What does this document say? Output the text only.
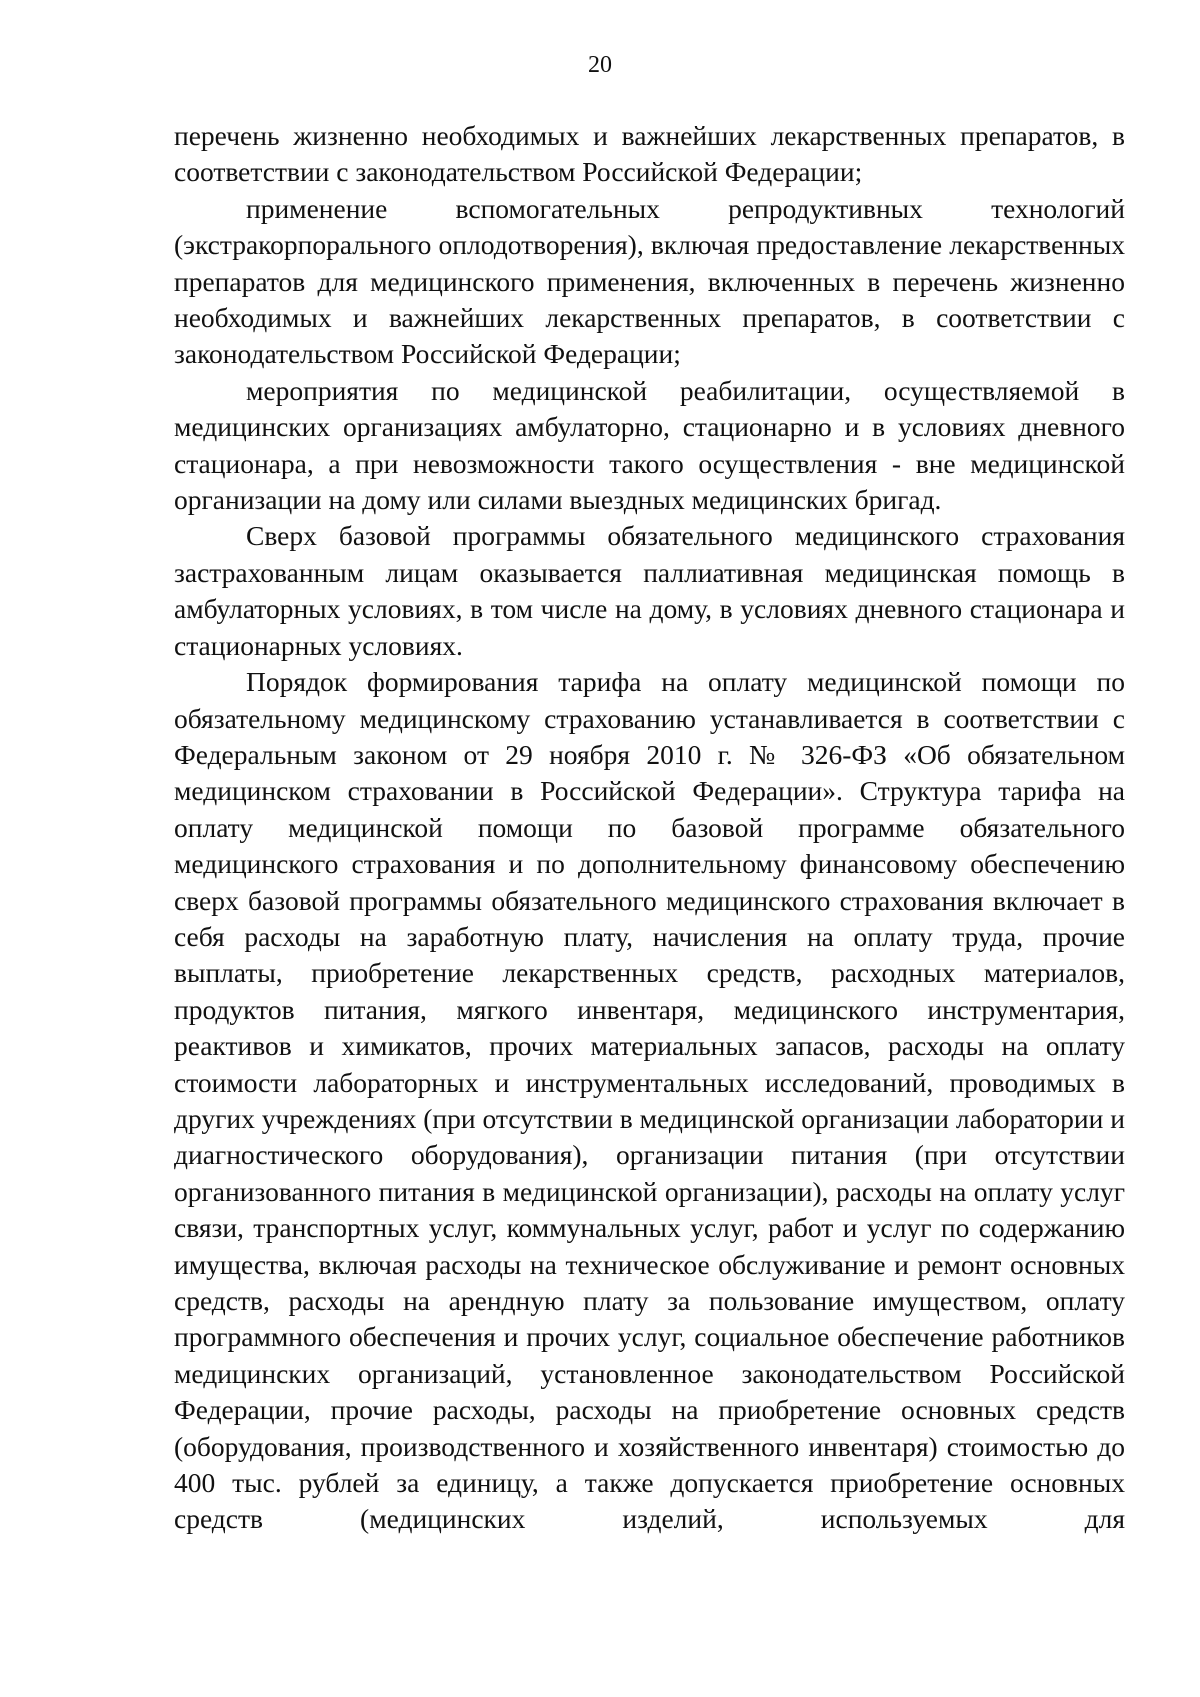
20

перечень жизненно необходимых и важнейших лекарственных препаратов, в соответствии с законодательством Российской Федерации;

применение вспомогательных репродуктивных технологий (экстракорпорального оплодотворения), включая предоставление лекарственных препаратов для медицинского применения, включенных в перечень жизненно необходимых и важнейших лекарственных препаратов, в соответствии с законодательством Российской Федерации;

мероприятия по медицинской реабилитации, осуществляемой в медицинских организациях амбулаторно, стационарно и в условиях дневного стационара, а при невозможности такого осуществления - вне медицинской организации на дому или силами выездных медицинских бригад.

Сверх базовой программы обязательного медицинского страхования застрахованным лицам оказывается паллиативная медицинская помощь в амбулаторных условиях, в том числе на дому, в условиях дневного стационара и стационарных условиях.

Порядок формирования тарифа на оплату медицинской помощи по обязательному медицинскому страхованию устанавливается в соответствии с Федеральным законом от 29 ноября 2010 г. № 326-ФЗ «Об обязательном медицинском страховании в Российской Федерации». Структура тарифа на оплату медицинской помощи по базовой программе обязательного медицинского страхования и по дополнительному финансовому обеспечению сверх базовой программы обязательного медицинского страхования включает в себя расходы на заработную плату, начисления на оплату труда, прочие выплаты, приобретение лекарственных средств, расходных материалов, продуктов питания, мягкого инвентаря, медицинского инструментария, реактивов и химикатов, прочих материальных запасов, расходы на оплату стоимости лабораторных и инструментальных исследований, проводимых в других учреждениях (при отсутствии в медицинской организации лаборатории и диагностического оборудования), организации питания (при отсутствии организованного питания в медицинской организации), расходы на оплату услуг связи, транспортных услуг, коммунальных услуг, работ и услуг по содержанию имущества, включая расходы на техническое обслуживание и ремонт основных средств, расходы на арендную плату за пользование имуществом, оплату программного обеспечения и прочих услуг, социальное обеспечение работников медицинских организаций, установленное законодательством Российской Федерации, прочие расходы, расходы на приобретение основных средств (оборудования, производственного и хозяйственного инвентаря) стоимостью до 400 тыс. рублей за единицу, а также допускается приобретение основных средств (медицинских изделий, используемых для
